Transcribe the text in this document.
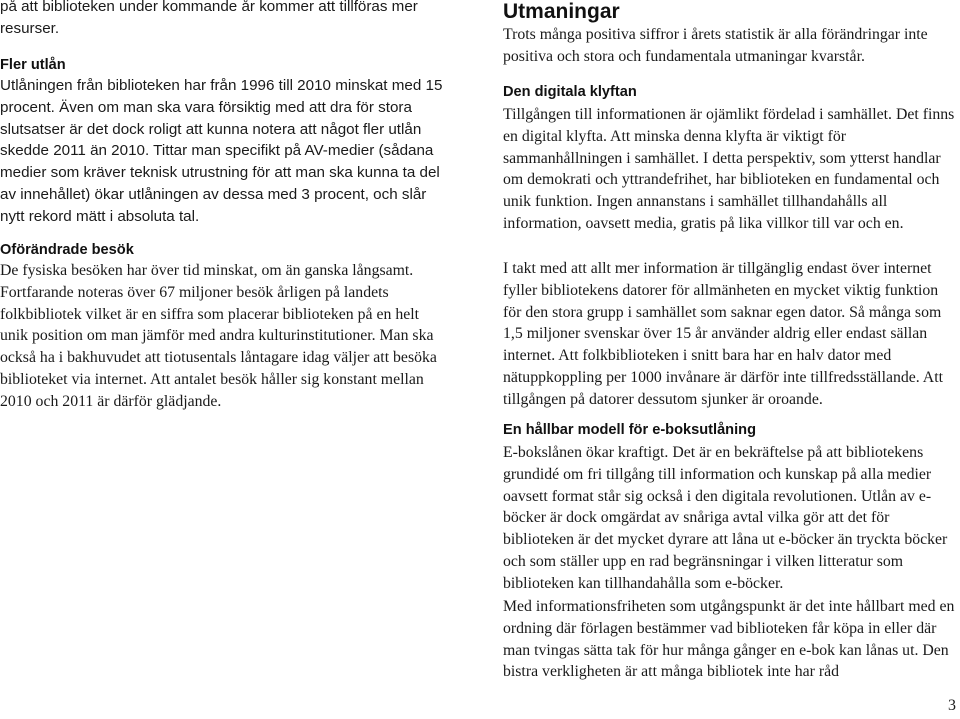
på att biblioteken under kommande år kommer att tillföras mer resurser.

Fler utlån

Utlåningen från biblioteken har från 1996 till 2010 minskat med 15 procent. Även om man ska vara försiktig med att dra för stora slutsatser är det dock roligt att kunna notera att något fler utlån skedde 2011 än 2010. Tittar man specifikt på AV-medier (sådana medier som kräver teknisk utrustning för att man ska kunna ta del av innehållet) ökar utlåningen av dessa med 3 procent, och slår nytt rekord mätt i absoluta tal.

Oförändrade besök

De fysiska besöken har över tid minskat, om än ganska långsamt. Fortfarande noteras över 67 miljoner besök årligen på landets folkbibliotek vilket är en siffra som placerar biblioteken på en helt unik position om man jämför med andra kulturinstitutioner. Man ska också ha i bakhuvudet att tiotusentals låntagare idag väljer att besöka biblioteket via internet. Att antalet besök håller sig konstant mellan 2010 och 2011 är därför glädjande.

Utmaningar

Trots många positiva siffror i årets statistik är alla förändringar inte positiva och stora och fundamentala utmaningar kvarstår.

Den digitala klyftan

Tillgången till informationen är ojämlikt fördelad i samhället. Det finns en digital klyfta. Att minska denna klyfta är viktigt för sammanhållningen i samhället. I detta perspektiv, som ytterst handlar om demokrati och yttrandefrihet, har biblioteken en fundamental och unik funktion. Ingen annanstans i samhället tillhandahålls all information, oavsett media, gratis på lika villkor till var och en.

I takt med att allt mer information är tillgänglig endast över internet fyller bibliotekens datorer för allmänheten en mycket viktig funktion för den stora grupp i samhället som saknar egen dator. Så många som 1,5 miljoner svenskar över 15 år använder aldrig eller endast sällan internet. Att folkbiblioteken i snitt bara har en halv dator med nätuppkoppling per 1000 invånare är därför inte tillfredsställande. Att tillgången på datorer dessutom sjunker är oroande.

En hållbar modell för e-boksutlåning

E-bokslånen ökar kraftigt. Det är en bekräftelse på att bibliotekens grundidé om fri tillgång till information och kunskap på alla medier oavsett format står sig också i den digitala revolutionen. Utlån av e-böcker är dock omgärdat av snåriga avtal vilka gör att det för biblioteken är det mycket dyrare att låna ut e-böcker än tryckta böcker och som ställer upp en rad begränsningar i vilken litteratur som biblioteken kan tillhandahålla som e-böcker.

Med informationsfriheten som utgångspunkt är det inte hållbart med en ordning där förlagen bestämmer vad biblioteken får köpa in eller där man tvingas sätta tak för hur många gånger en e-bok kan lånas ut. Den bistra verkligheten är att många bibliotek inte har råd

3
